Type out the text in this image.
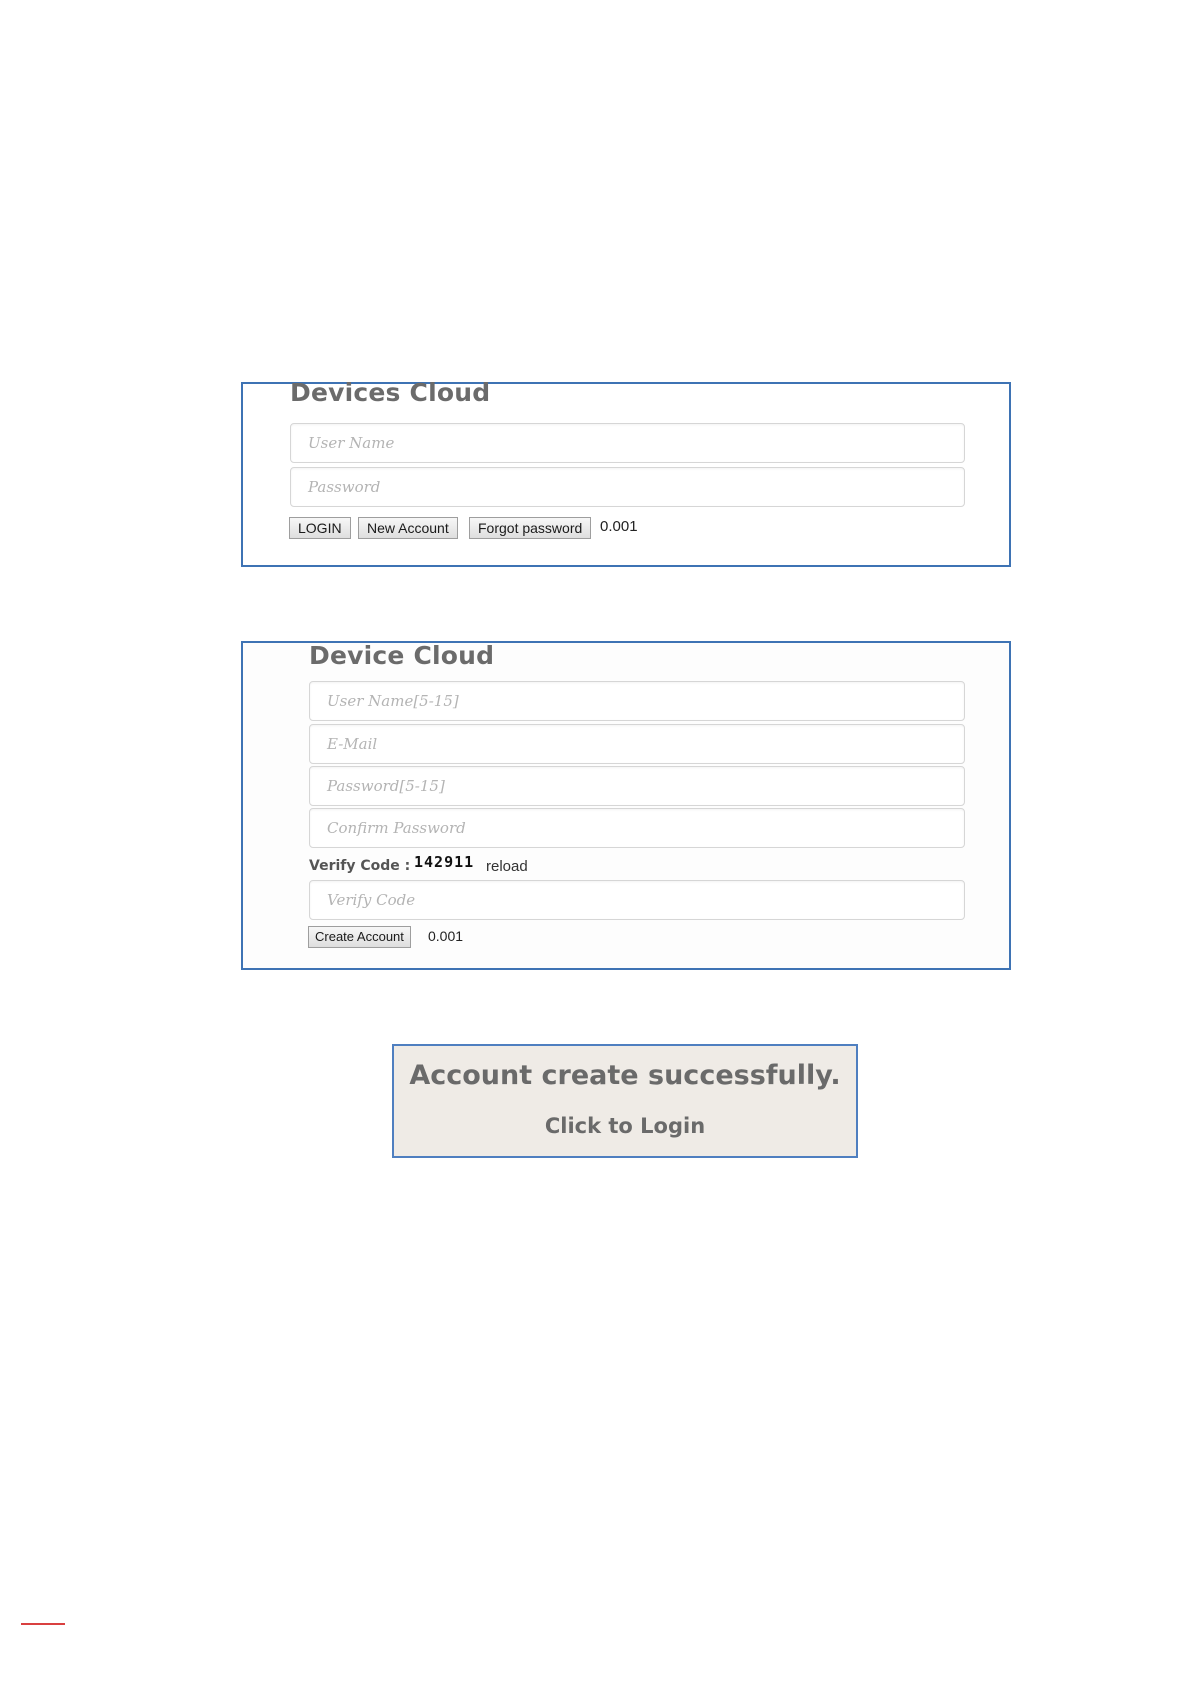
Devices Cloud
User Name
Password
LOGIN	New Account	Forgot password	0.001
Device Cloud
User Name[5-15]
E-Mail
Password[5-15]
Confirm Password
Verify Code : 142911 reload
Verify Code
Create Account	0.001
Account create successfully.
Click to Login
